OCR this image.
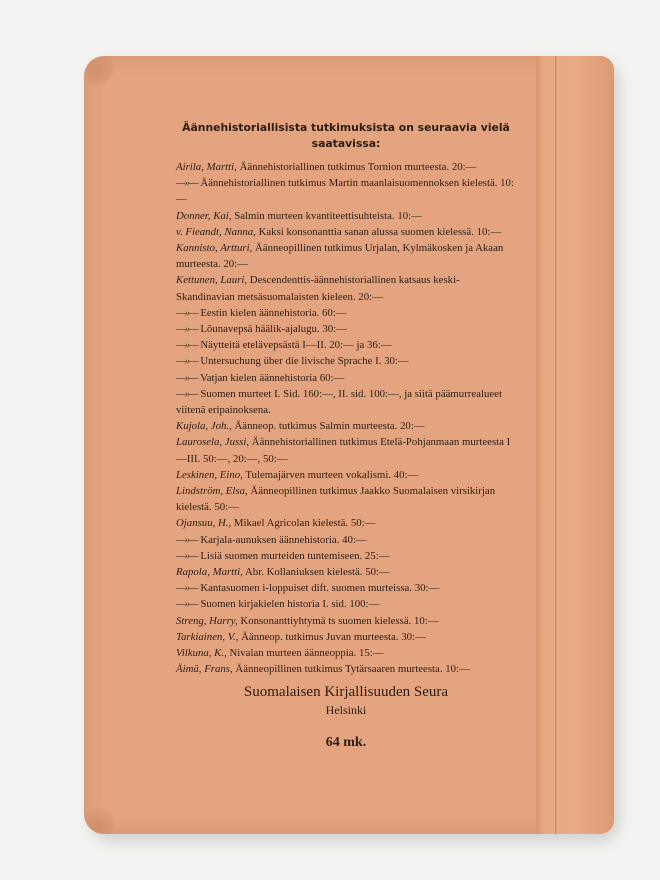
Äännehistoriallisista tutkimuksista on seuraavia vielä saatavissa:

Airila, Martti, Äännehistoriallinen tutkimus Tornion murteesta. 20:—

—»— Äännehistoriallinen tutkimus Martin maanlaisuomennoksen kielestä. 10:—

Donner, Kai, Salmin murteen kvantiteettisuhteista. 10:—

v. Fieandt, Nanna, Kaksi konsonanttia sanan alussa suomen kielessä. 10:—

Kannisto, Artturi, Äänneopillinen tutkimus Urjalan, Kylmäkosken ja Akaan murteesta. 20:—

Kettunen, Lauri, Descendenttis-äännehistoriallinen katsaus keski-Skandinavian metsäsuomalaisten kieleen. 20:—

—»— Eestin kielen äännehistoria. 60:—

—»— Lõunavepsä häälik-ajalugu. 30:—

—»— Näytteitä etelävepsästä I—II. 20:— ja 36:—

—»— Untersuchung über die livische Sprache I. 30:—

—»— Vatjan kielen äännehistoria 60:—

—»— Suomen murteet I. Sid. 160:—, II. sid. 100:—, ja siitä päämurrealueet viitenä eripainoksena.

Kujola, Joh., Äänneop. tutkimus Salmin murteesta. 20:—

Laurosela, Jussi, Äännehistoriallinen tutkimus Etelä-Pohjanmaan murteesta I—III. 50:—, 20:—, 50:—

Leskinen, Eino, Tulemajärven murteen vokalismi. 40:—

Lindström, Elsa, Äänneopillinen tutkimus Jaakko Suomalaisen virsikirjan kielestä. 50:—

Ojansuu, H., Mikael Agricolan kielestä. 50:—

—»— Karjala-aunuksen äännehistoria. 40:—

—»— Lisiä suomen murteiden tuntemiseen. 25:—

Rapola, Martti, Abr. Kollaniuksen kielestä. 50:—

—»— Kantasuomen i-loppuiset dift. suomen murteissa. 30:—

—»— Suomen kirjakielen historia I. sid. 100:—

Streng, Harry, Konsonanttiyhtymä ts suomen kielessä. 10:—

Tarkiainen, V., Äänneop. tutkimus Juvan murteesta. 30:—

Vilkuna, K., Nivalan murteen äänneoppia. 15:—

Äimä, Frans, Äänneopillinen tutkimus Tytärsaaren murteesta. 10:—

Suomalaisen Kirjallisuuden Seura
Helsinki
64 mk.
